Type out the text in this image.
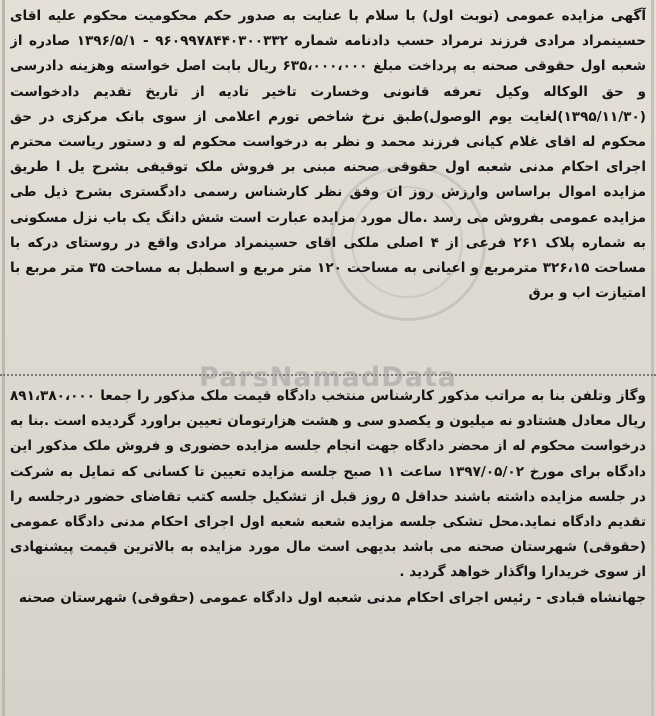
آگهی مزایده عمومی (نوبت اول) با سلام با عنایت به صدور حکم محکومیت محکوم علیه اقای حسینمراد مرادی فرزند نرمراد حسب دادنامه شماره ۹۶۰۹۹۷۸۴۴۰۳۰۰۳۳۲ - ۱۳۹۶/۵/۱ صادره از شعبه اول حقوقی صحنه به پرداخت مبلغ ۶۳۵،۰۰۰،۰۰۰ ریال بابت اصل خواسته وهزینه دادرسی و حق الوکاله وکیل تعرفه قانونی وخسارت تاخیر تادیه از تاریخ تقدیم دادخواست (۱۳۹۵/۱۱/۳۰)لغایت یوم الوصول)طبق نرخ شاخص تورم اعلامی از سوی بانک مرکزی در حق محکوم له اقای غلام کیانی فرزند محمد و نظر به درخواست محکوم له و دستور ریاست محترم اجرای احکام مدنی شعبه اول حقوقی صحنه مبنی بر فروش ملک توقیفی بشرح یل ا طریق مزایده اموال براساس وارزش روز ان وفق نظر کارشناس رسمی دادگستری بشرح ذیل طی مزایده عمومی بفروش می رسد .مال مورد مزایده عبارت است شش دانگ یک باب نزل مسکونی به شماره پلاک ۲۶۱ فرعی از ۴ اصلی ملکی اقای حسینمراد مرادی واقع در روستای درکه با مساحت ۳۲۶،۱۵ مترمربع و اعیانی به مساحت ۱۲۰ متر مربع و اسطبل به مساحت ۳۵ متر مربع با امتیازت اب و برق

ParsNamadData

وگاز وتلفن بنا به مراتب مذکور کارشناس منتخب دادگاه قیمت ملک مذکور را جمعا ۸۹۱،۳۸۰،۰۰۰ ریال معادل هشتادو نه میلیون و یکصدو سی و هشت هزارتومان تعیین براورد گردیده است .بنا به درخواست محکوم له از محضر دادگاه جهت انجام جلسه مزایده حضوری و فروش ملک مذکور این دادگاه برای مورخ ۱۳۹۷/۰۵/۰۲ ساعت ۱۱ صبح جلسه مزایده تعیین تا کسانی که تمایل به شرکت در جلسه مزایده داشته باشند حداقل ۵ روز قبل از تشکیل جلسه کتب تقاضای حضور درجلسه را تقدیم دادگاه نماید.محل تشکی جلسه مزایده شعبه شعبه اول اجرای احکام مدنی دادگاه عمومی (حقوقی) شهرستان صحنه می باشد بدیهی است مال مورد مزایده به بالاترین قیمت پیشنهادی از سوی خریدارا واگذار خواهد گردید .

جهانشاه قبادی - رئیس اجرای احکام مدنی شعبه اول دادگاه عمومی (حقوقی) شهرستان صحنه
